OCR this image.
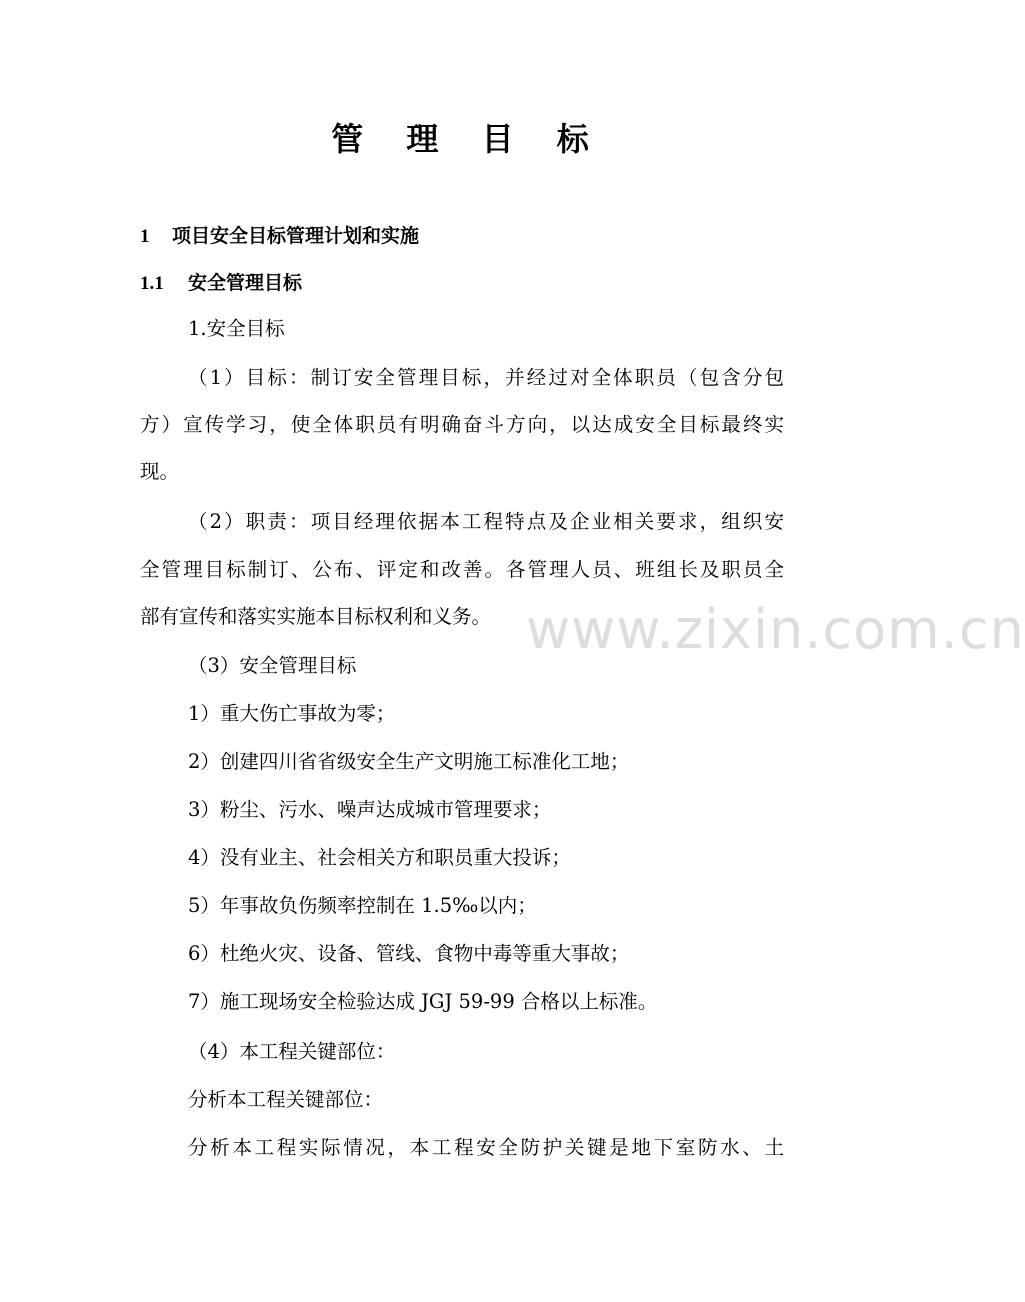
管 理 目 标
1 项目安全目标管理计划和实施
1.1 安全管理目标
1.安全目标
（1）目标：制订安全管理目标，并经过对全体职员（包含分包
方）宣传学习，使全体职员有明确奋斗方向，以达成安全目标最终实
现。
（2）职责：项目经理依据本工程特点及企业相关要求，组织安
全管理目标制订、公布、评定和改善。各管理人员、班组长及职员全
部有宣传和落实实施本目标权利和义务。
（3）安全管理目标
1）重大伤亡事故为零；
2）创建四川省省级安全生产文明施工标准化工地；
3）粉尘、污水、噪声达成城市管理要求；
4）没有业主、社会相关方和职员重大投诉；
5）年事故负伤频率控制在 1.5‰以内；
6）杜绝火灾、设备、管线、食物中毒等重大事故；
7）施工现场安全检验达成 JGJ 59-99 合格以上标准。
（4）本工程关键部位：
分析本工程关键部位：
分析本工程实际情况，本工程安全防护关键是地下室防水、土
www.zixin.com.cn
